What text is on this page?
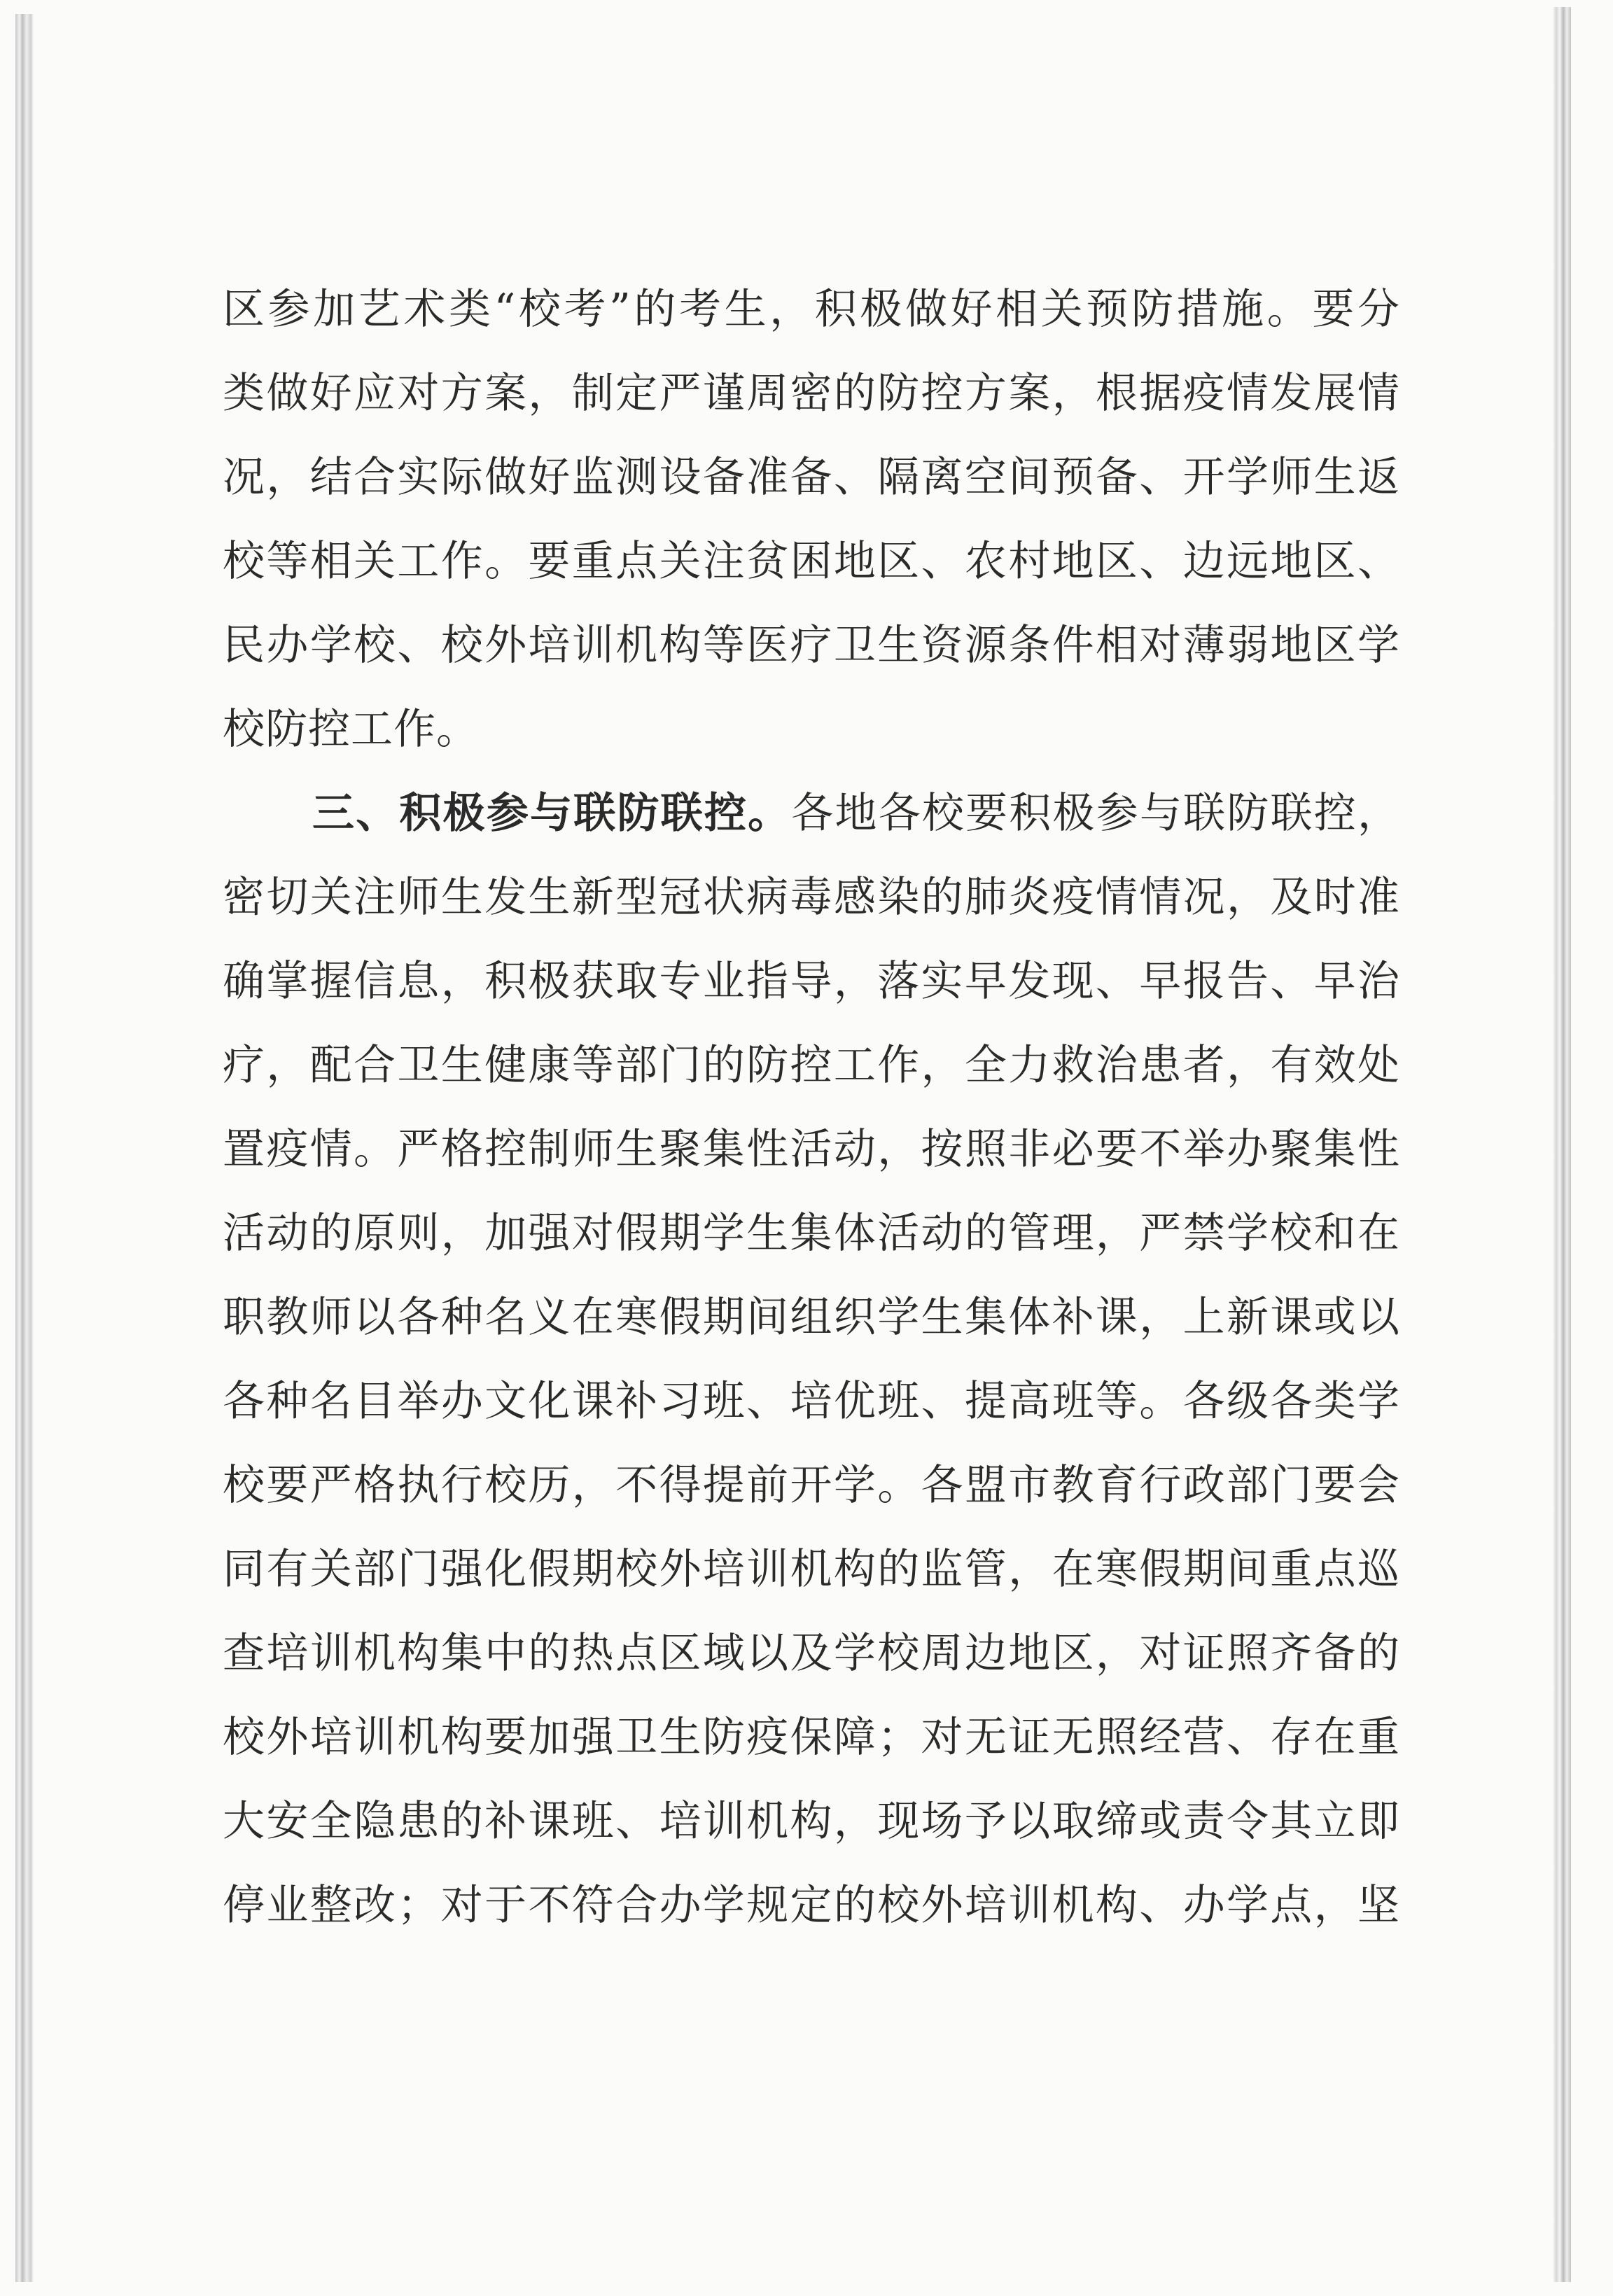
区参加艺术类“校考”的考生，积极做好相关预防措施。要分
类做好应对方案，制定严谨周密的防控方案，根据疫情发展情
况，结合实际做好监测设备准备、隔离空间预备、开学师生返
校等相关工作。要重点关注贫困地区、农村地区、边远地区、
民办学校、校外培训机构等医疗卫生资源条件相对薄弱地区学
校防控工作。
三、积极参与联防联控。各地各校要积极参与联防联控，
密切关注师生发生新型冠状病毒感染的肺炎疫情情况，及时准
确掌握信息，积极获取专业指导，落实早发现、早报告、早治
疗，配合卫生健康等部门的防控工作，全力救治患者，有效处
置疫情。严格控制师生聚集性活动，按照非必要不举办聚集性
活动的原则，加强对假期学生集体活动的管理，严禁学校和在
职教师以各种名义在寒假期间组织学生集体补课，上新课或以
各种名目举办文化课补习班、培优班、提高班等。各级各类学
校要严格执行校历，不得提前开学。各盟市教育行政部门要会
同有关部门强化假期校外培训机构的监管，在寒假期间重点巡
查培训机构集中的热点区域以及学校周边地区，对证照齐备的
校外培训机构要加强卫生防疫保障；对无证无照经营、存在重
大安全隐患的补课班、培训机构，现场予以取缔或责令其立即
停业整改；对于不符合办学规定的校外培训机构、办学点，坚
